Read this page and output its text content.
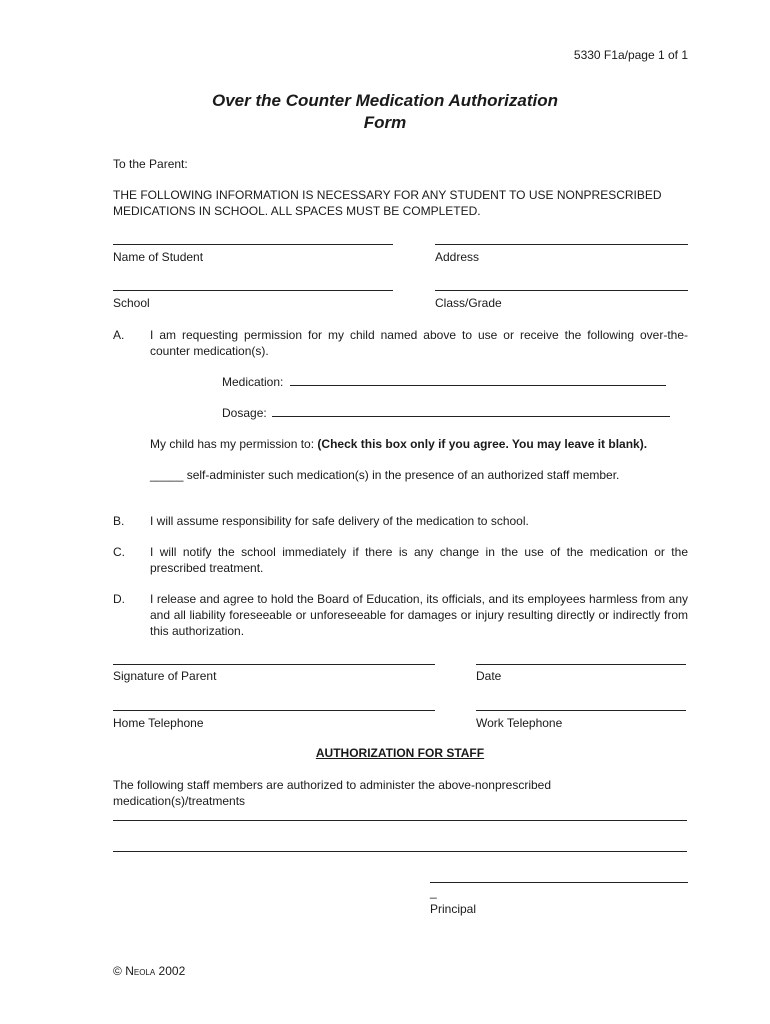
5330 F1a/page 1 of 1
Over the Counter Medication Authorization
Form
To the Parent:
THE FOLLOWING INFORMATION IS NECESSARY FOR ANY STUDENT TO USE NONPRESCRIBED
MEDICATIONS IN SCHOOL. ALL SPACES MUST BE COMPLETED.
Name of Student	Address
School	Class/Grade
A. I am requesting permission for my child named above to use or receive the following over-the-counter medication(s).
Medication:
Dosage:
My child has my permission to: (Check this box only if you agree. You may leave it blank).
_____ self-administer such medication(s) in the presence of an authorized staff member.
B. I will assume responsibility for safe delivery of the medication to school.
C. I will notify the school immediately if there is any change in the use of the medication or the prescribed treatment.
D. I release and agree to hold the Board of Education, its officials, and its employees harmless from any and all liability foreseeable or unforeseeable for damages or injury resulting directly or indirectly from this authorization.
Signature of Parent	Date
Home Telephone	Work Telephone
AUTHORIZATION FOR STAFF
The following staff members are authorized to administer the above-nonprescribed
medication(s)/treatments
_
Principal
© Neola 2002
